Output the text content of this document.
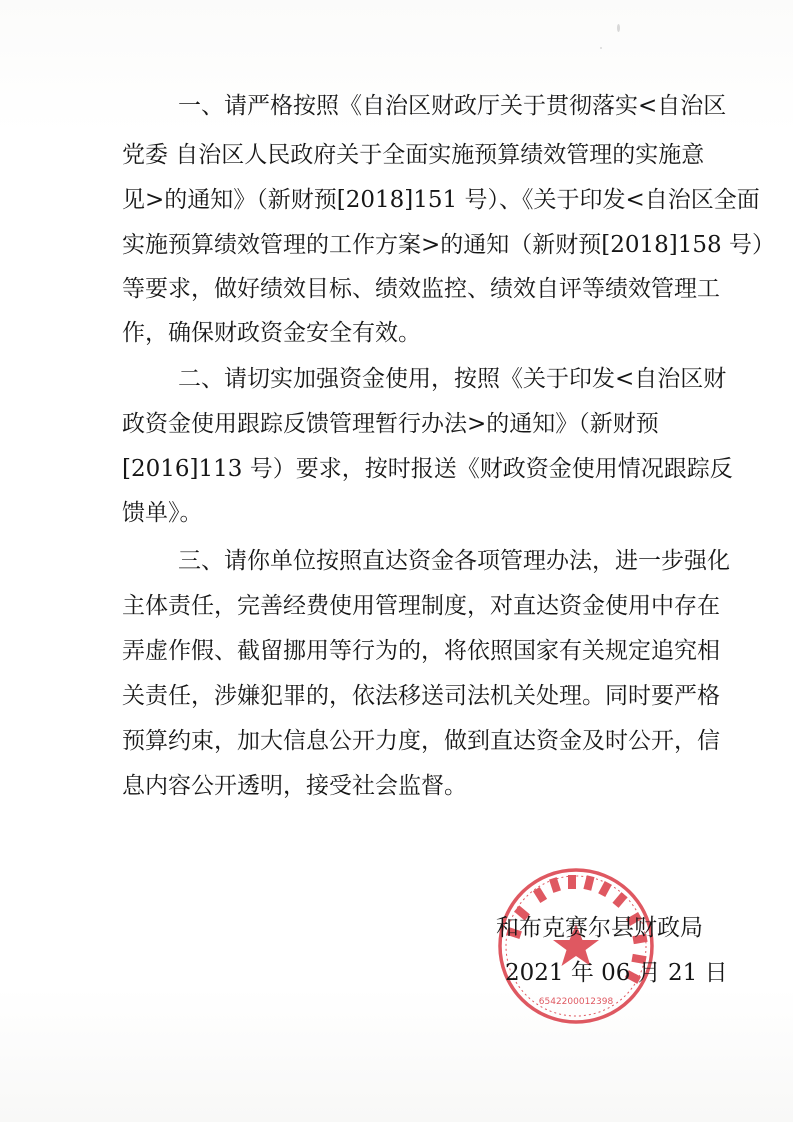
一、请严格按照《自治区财政厅关于贯彻落实<自治区
党委 自治区人民政府关于全面实施预算绩效管理的实施意
见>的通知》（新财预[2018]151 号）、《关于印发<自治区全面
实施预算绩效管理的工作方案>的通知（新财预[2018]158 号）
等要求，做好绩效目标、绩效监控、绩效自评等绩效管理工
作，确保财政资金安全有效。
二、请切实加强资金使用，按照《关于印发<自治区财
政资金使用跟踪反馈管理暂行办法>的通知》（新财预
[2016]113 号）要求，按时报送《财政资金使用情况跟踪反
馈单》。
三、请你单位按照直达资金各项管理办法，进一步强化
主体责任，完善经费使用管理制度，对直达资金使用中存在
弄虚作假、截留挪用等行为的，将依照国家有关规定追究相
关责任，涉嫌犯罪的，依法移送司法机关处理。同时要严格
预算约束，加大信息公开力度，做到直达资金及时公开，信
息内容公开透明，接受社会监督。
6542200012398
和布克赛尔县财政局
2021 年 06 月 21 日
